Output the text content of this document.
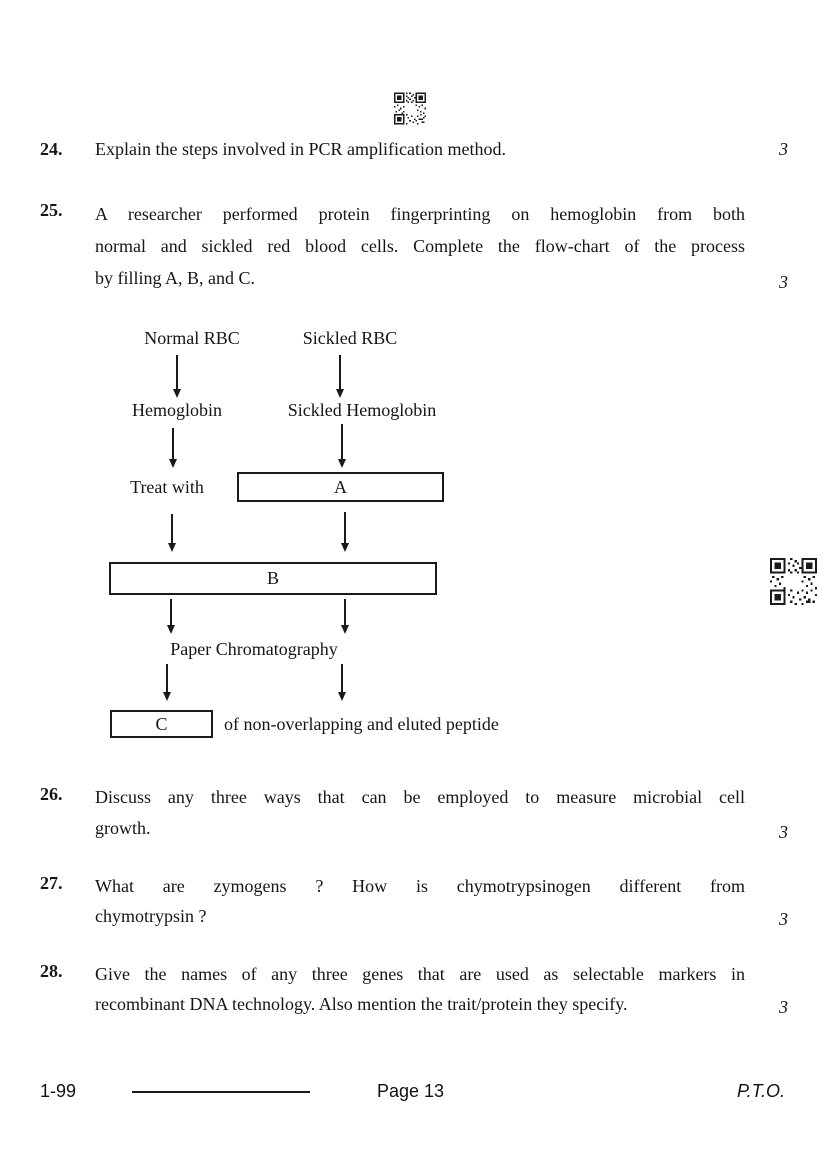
24.	Explain the steps involved in PCR amplification method.	3
25.	A researcher performed protein fingerprinting on hemoglobin from both
normal and sickled red blood cells. Complete the flow-chart of the process
by filling A, B, and C.	3
Normal RBC	Sickled RBC
Hemoglobin	Sickled Hemoglobin
Treat with	A
B
Paper Chromatography
C	of non-overlapping and eluted peptide
26.	Discuss any three ways that can be employed to measure microbial cell
growth.	3
27.	What are zymogens ? How is chymotrypsinogen different from
chymotrypsin ?	3
28.	Give the names of any three genes that are used as selectable markers in
recombinant DNA technology. Also mention the trait/protein they specify.	3
1-99	Page 13	P.T.O.
